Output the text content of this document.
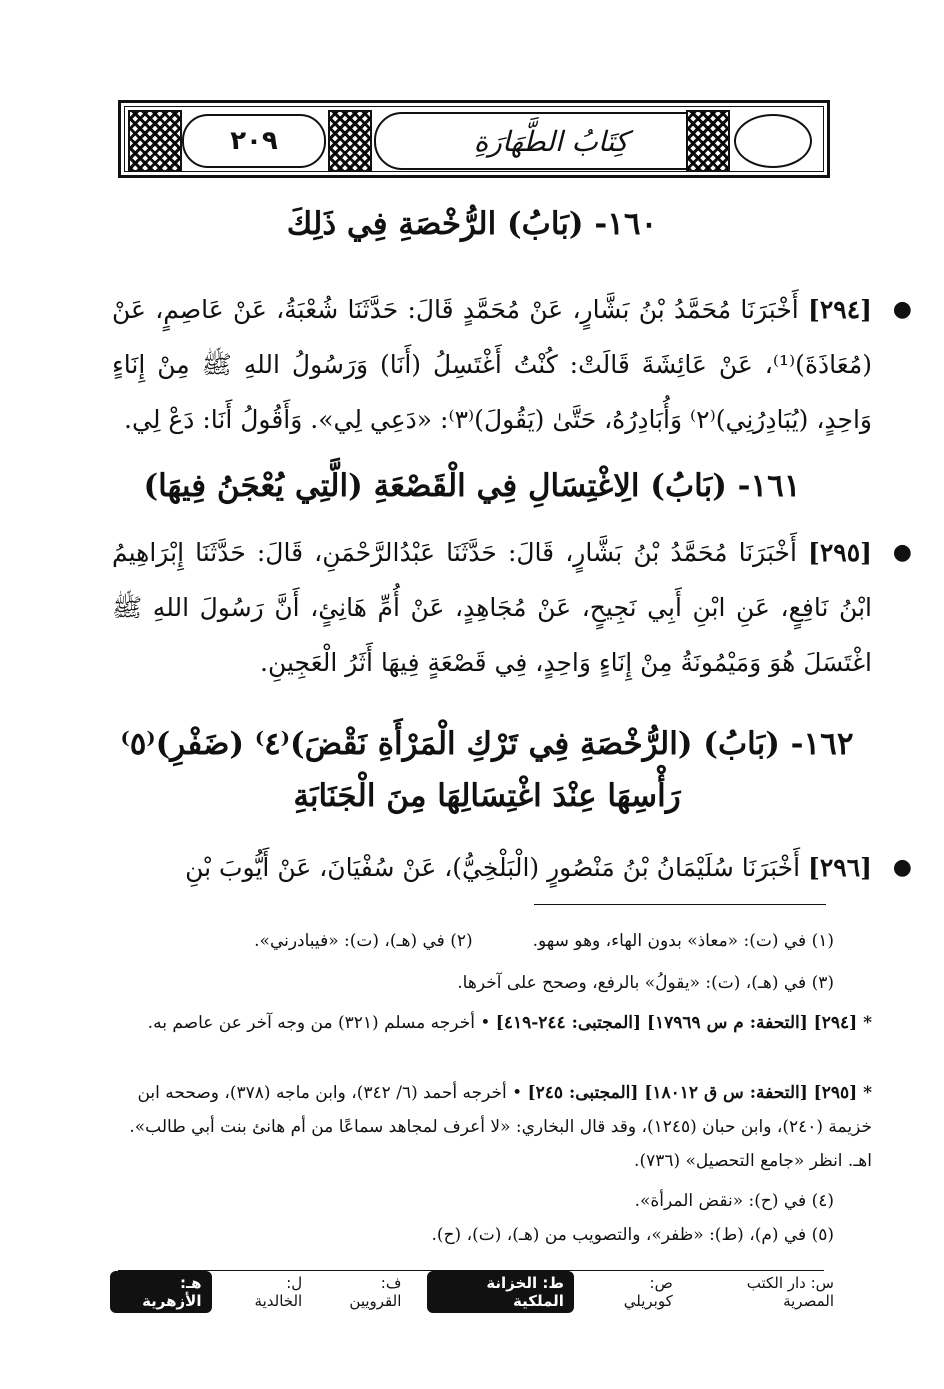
٢٠٩	كِتَابُ الطَّهَارَةِ
١٦٠- (بَابُ) الرُّخْصَةِ فِي ذَلِكَ
●
[٢٩٤] أَخْبَرَنَا مُحَمَّدُ بْنُ بَشَّارٍ، عَنْ مُحَمَّدٍ قَالَ: حَدَّثَنَا شُعْبَةُ، عَنْ عَاصِمٍ، عَنْ (مُعَاذَةَ)⁽¹⁾، عَنْ عَائِشَةَ قَالَتْ: كُنْتُ أَغْتَسِلُ (أَنَا) وَرَسُولُ اللهِ ﷺ مِنْ إِنَاءٍ وَاحِدٍ، (يُبَادِرُنِي)⁽٢⁾ وَأُبَادِرُهُ، حَتَّىٰ (يَقُولَ)⁽٣⁾: «دَعِي لِي». وَأَقُولُ أَنَا: دَعْ لِي.
١٦١- (بَابُ) الِاغْتِسَالِ فِي الْقَصْعَةِ (الَّتِي يُعْجَنُ فِيهَا)
●
[٢٩٥] أَخْبَرَنَا مُحَمَّدُ بْنُ بَشَّارٍ، قَالَ: حَدَّثَنَا عَبْدُالرَّحْمَنِ، قَالَ: حَدَّثَنَا إِبْرَاهِيمُ ابْنُ نَافِعٍ، عَنِ ابْنِ أَبِي نَجِيحٍ، عَنْ مُجَاهِدٍ، عَنْ أُمِّ هَانِئٍ، أَنَّ رَسُولَ اللهِ ﷺ اغْتَسَلَ هُوَ وَمَيْمُونَةُ مِنْ إِنَاءٍ وَاحِدٍ، فِي قَصْعَةٍ فِيهَا أَثَرُ الْعَجِينِ.
١٦٢- (بَابُ) (الرُّخْصَةِ فِي تَرْكِ الْمَرْأَةِ نَقْضَ)⁽٤⁾ (ضَفْرِ)⁽٥⁾ رَأْسِهَا عِنْدَ اغْتِسَالِهَا مِنَ الْجَنَابَةِ
●
[٢٩٦] أَخْبَرَنَا سُلَيْمَانُ بْنُ مَنْصُورٍ (الْبَلْخِيُّ)، عَنْ سُفْيَانَ، عَنْ أَيُّوبَ بْنِ
(١) في (ت): «معاذ» بدون الهاء، وهو سهو.
(٢) في (هـ)، (ت): «فيبادرني».
(٣) في (هـ)، (ت): «يقولُ» بالرفع، وصحح على آخرها.
* [٢٩٤] [التحفة: م س ١٧٩٦٩] [المجتبى: ٢٤٤-٤١٩] • أخرجه مسلم (٣٢١) من وجه آخر عن عاصم به.
* [٢٩٥] [التحفة: س ق ١٨٠١٢] [المجتبى: ٢٤٥] • أخرجه أحمد (٦/ ٣٤٢)، وابن ماجه (٣٧٨)، وصححه ابن خزيمة (٢٤٠)، وابن حبان (١٢٤٥)، وقد قال البخاري: «لا أعرف لمجاهد سماعًا من أم هانئ بنت أبي طالب». اهـ. انظر «جامع التحصيل» (٧٣٦).
(٤) في (ح): «نقض المرأة».
(٥) في (م)، (ط): «ظفر»، والتصويب من (هـ)، (ت)، (ح).
س: دار الكتب المصرية
ص: كوبريلي
ط: الخزانة الملكية
ف: القرويين
ل: الخالدية
هـ: الأزهرية
